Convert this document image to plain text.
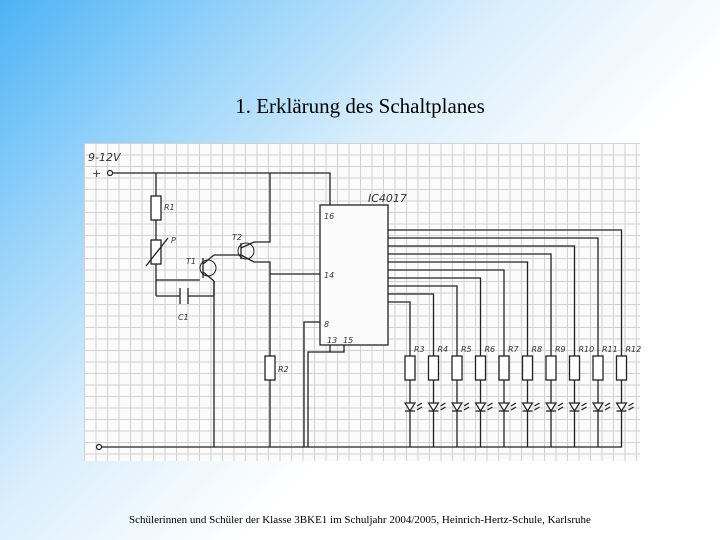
1. Erklärung des Schaltplanes
9-12V
+
R1
P
T1
T2
C1
R2
IC4017
16
14
8
13 15
R3 R4 R5 R6 R7 R8 R9 R10 R11 R12
Schülerinnen und Schüler der Klasse 3BKE1 im Schuljahr 2004/2005, Heinrich-Hertz-Schule, Karlsruhe
